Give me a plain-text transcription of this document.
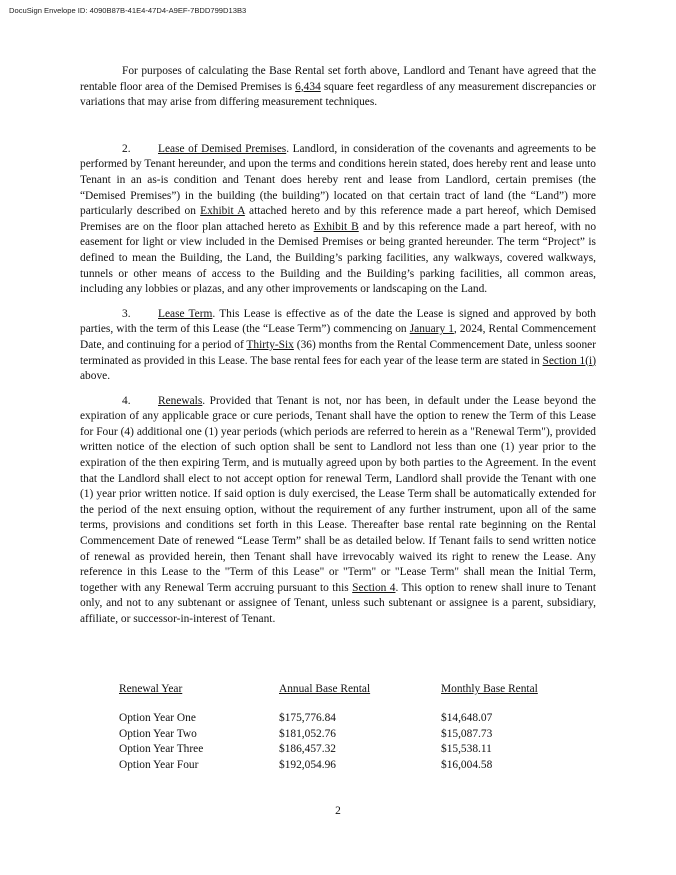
DocuSign Envelope ID: 4090B87B-41E4-47D4-A9EF-7BDD799D13B3

For purposes of calculating the Base Rental set forth above, Landlord and Tenant have agreed that the rentable floor area of the Demised Premises is 6,434 square feet regardless of any measurement discrepancies or variations that may arise from differing measurement techniques.

2. Lease of Demised Premises. Landlord, in consideration of the covenants and agreements to be performed by Tenant hereunder, and upon the terms and conditions herein stated, does hereby rent and lease unto Tenant in an as-is condition and Tenant does hereby rent and lease from Landlord, certain premises (the “Demised Premises”) in the building (the building”) located on that certain tract of land (the “Land”) more particularly described on Exhibit A attached hereto and by this reference made a part hereof, which Demised Premises are on the floor plan attached hereto as Exhibit B and by this reference made a part hereof, with no easement for light or view included in the Demised Premises or being granted hereunder. The term “Project” is defined to mean the Building, the Land, the Building’s parking facilities, any walkways, covered walkways, tunnels or other means of access to the Building and the Building’s parking facilities, all common areas, including any lobbies or plazas, and any other improvements or landscaping on the Land.

3. Lease Term. This Lease is effective as of the date the Lease is signed and approved by both parties, with the term of this Lease (the “Lease Term”) commencing on January 1, 2024, Rental Commencement Date, and continuing for a period of Thirty-Six (36) months from the Rental Commencement Date, unless sooner terminated as provided in this Lease. The base rental fees for each year of the lease term are stated in Section 1(i) above.

4. Renewals. Provided that Tenant is not, nor has been, in default under the Lease beyond the expiration of any applicable grace or cure periods, Tenant shall have the option to renew the Term of this Lease for Four (4) additional one (1) year periods (which periods are referred to herein as a "Renewal Term"), provided written notice of the election of such option shall be sent to Landlord not less than one (1) year prior to the expiration of the then expiring Term, and is mutually agreed upon by both parties to the Agreement. In the event that the Landlord shall elect to not accept option for renewal Term, Landlord shall provide the Tenant with one (1) year prior written notice. If said option is duly exercised, the Lease Term shall be automatically extended for the period of the next ensuing option, without the requirement of any further instrument, upon all of the same terms, provisions and conditions set forth in this Lease. Thereafter base rental rate beginning on the Rental Commencement Date of renewed “Lease Term” shall be as detailed below. If Tenant fails to send written notice of renewal as provided herein, then Tenant shall have irrevocably waived its right to renew the Lease. Any reference in this Lease to the "Term of this Lease" or "Term" or "Lease Term" shall mean the Initial Term, together with any Renewal Term accruing pursuant to this Section 4. This option to renew shall inure to Tenant only, and not to any subtenant or assignee of Tenant, unless such subtenant or assignee is a parent, subsidiary, affiliate, or successor-in-interest of Tenant.

Renewal Year	Annual Base Rental	Monthly Base Rental
Option Year One	$175,776.84	$14,648.07
Option Year Two	$181,052.76	$15,087.73
Option Year Three	$186,457.32	$15,538.11
Option Year Four	$192,054.96	$16,004.58
2
